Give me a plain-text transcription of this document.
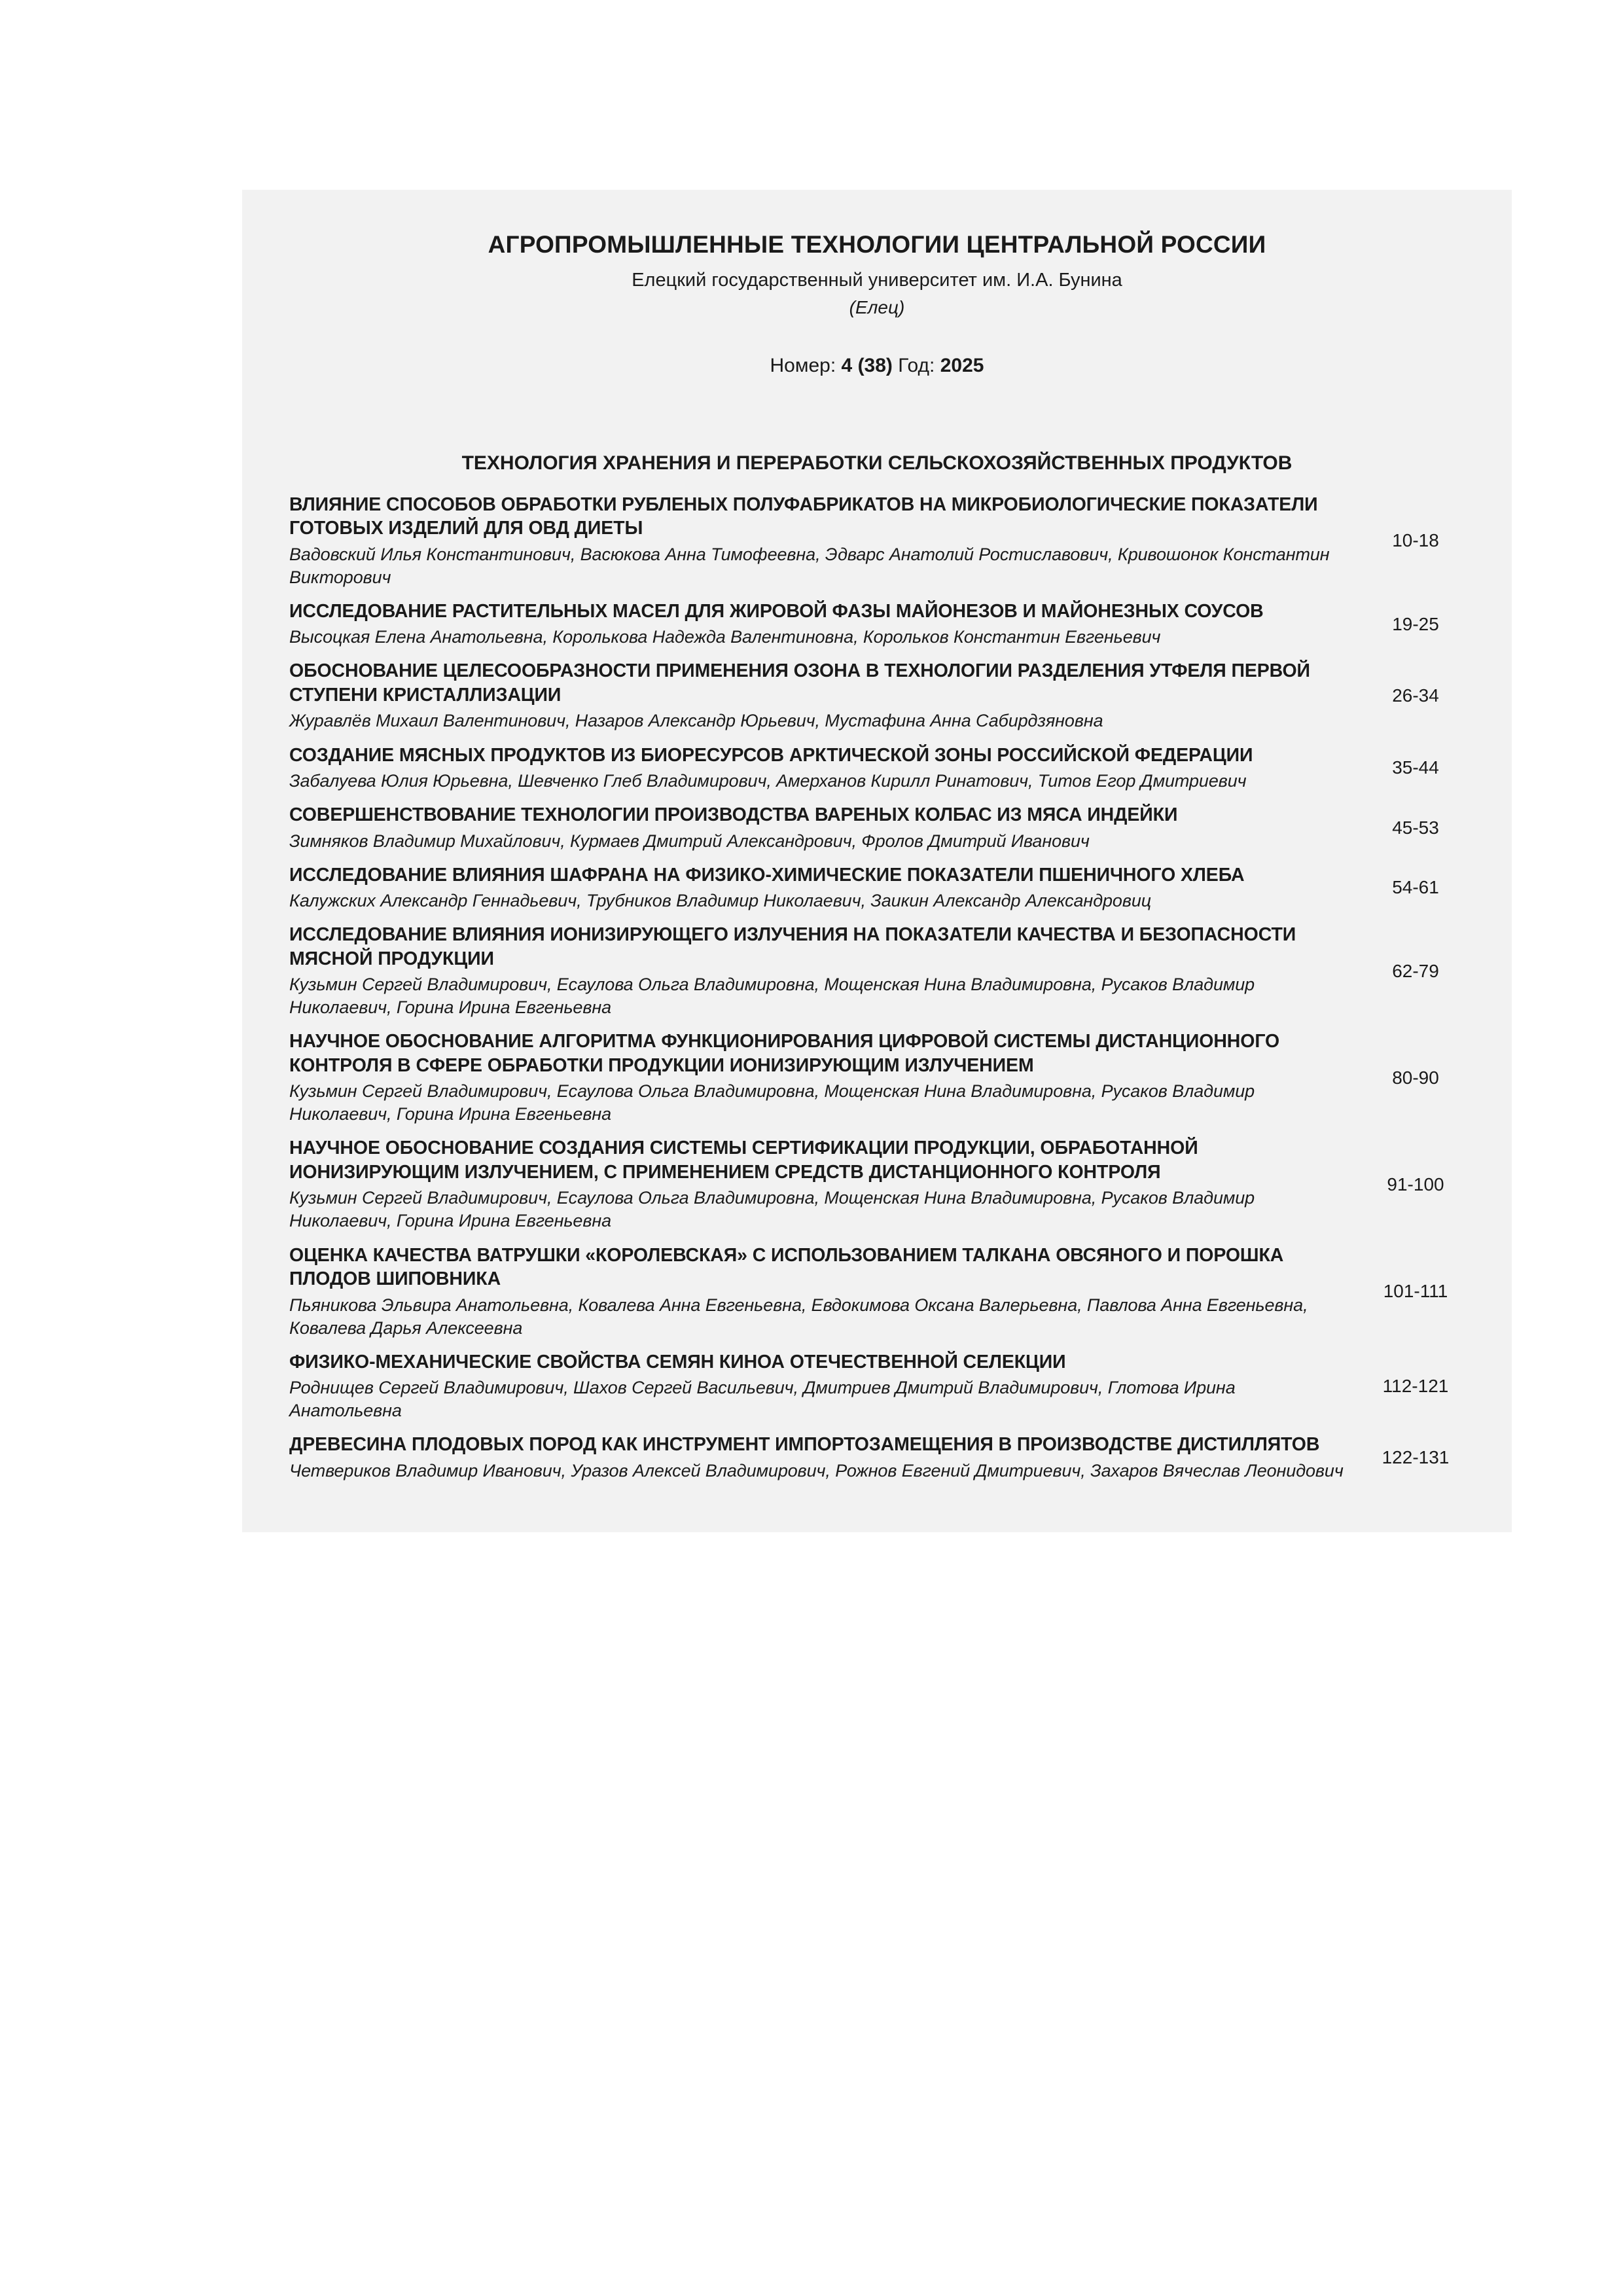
АГРОПРОМЫШЛЕННЫЕ ТЕХНОЛОГИИ ЦЕНТРАЛЬНОЙ РОССИИ
Елецкий государственный университет им. И.А. Бунина
(Елец)
Номер: 4 (38) Год: 2025
ТЕХНОЛОГИЯ ХРАНЕНИЯ И ПЕРЕРАБОТКИ СЕЛЬСКОХОЗЯЙСТВЕННЫХ ПРОДУКТОВ
ВЛИЯНИЕ СПОСОБОВ ОБРАБОТКИ РУБЛЕНЫХ ПОЛУФАБРИКАТОВ НА МИКРОБИОЛОГИЧЕСКИЕ ПОКАЗАТЕЛИ ГОТОВЫХ ИЗДЕЛИЙ ДЛЯ ОВД ДИЕТЫ
Вадовский Илья Константинович, Васюкова Анна Тимофеевна, Эдварс Анатолий Ростиславович, Кривошонок Константин Викторович
10-18
ИССЛЕДОВАНИЕ РАСТИТЕЛЬНЫХ МАСЕЛ ДЛЯ ЖИРОВОЙ ФАЗЫ МАЙОНЕЗОВ И МАЙОНЕЗНЫХ СОУСОВ
Высоцкая Елена Анатольевна, Королькова Надежда Валентиновна, Корольков Константин Евгеньевич
19-25
ОБОСНОВАНИЕ ЦЕЛЕСООБРАЗНОСТИ ПРИМЕНЕНИЯ ОЗОНА В ТЕХНОЛОГИИ РАЗДЕЛЕНИЯ УТФЕЛЯ ПЕРВОЙ СТУПЕНИ КРИСТАЛЛИЗАЦИИ
Журавлёв Михаил Валентинович, Назаров Александр Юрьевич, Мустафина Анна Сабирдзяновна
26-34
СОЗДАНИЕ МЯСНЫХ ПРОДУКТОВ ИЗ БИОРЕСУРСОВ АРКТИЧЕСКОЙ ЗОНЫ РОССИЙСКОЙ ФЕДЕРАЦИИ
Забалуева Юлия Юрьевна, Шевченко Глеб Владимирович, Амерханов Кирилл Ринатович, Титов Егор Дмитриевич
35-44
СОВЕРШЕНСТВОВАНИЕ ТЕХНОЛОГИИ ПРОИЗВОДСТВА ВАРЕНЫХ КОЛБАС ИЗ МЯСА ИНДЕЙКИ
Зимняков Владимир Михайлович, Курмаев Дмитрий Александрович, Фролов Дмитрий Иванович
45-53
ИССЛЕДОВАНИЕ ВЛИЯНИЯ ШАФРАНА НА ФИЗИКО-ХИМИЧЕСКИЕ ПОКАЗАТЕЛИ ПШЕНИЧНОГО ХЛЕБА
Калужских Александр Геннадьевич, Трубников Владимир Николаевич, Заикин Александр Александровиц
54-61
ИССЛЕДОВАНИЕ ВЛИЯНИЯ ИОНИЗИРУЮЩЕГО ИЗЛУЧЕНИЯ НА ПОКАЗАТЕЛИ КАЧЕСТВА И БЕЗОПАСНОСТИ МЯСНОЙ ПРОДУКЦИИ
Кузьмин Сергей Владимирович, Есаулова Ольга Владимировна, Мощенская Нина Владимировна, Русаков Владимир Николаевич, Горина Ирина Евгеньевна
62-79
НАУЧНОЕ ОБОСНОВАНИЕ АЛГОРИТМА ФУНКЦИОНИРОВАНИЯ ЦИФРОВОЙ СИСТЕМЫ ДИСТАНЦИОННОГО КОНТРОЛЯ В СФЕРЕ ОБРАБОТКИ ПРОДУКЦИИ ИОНИЗИРУЮЩИМ ИЗЛУЧЕНИЕМ
Кузьмин Сергей Владимирович, Есаулова Ольга Владимировна, Мощенская Нина Владимировна, Русаков Владимир Николаевич, Горина Ирина Евгеньевна
80-90
НАУЧНОЕ ОБОСНОВАНИЕ СОЗДАНИЯ СИСТЕМЫ СЕРТИФИКАЦИИ ПРОДУКЦИИ, ОБРАБОТАННОЙ ИОНИЗИРУЮЩИМ ИЗЛУЧЕНИЕМ, С ПРИМЕНЕНИЕМ СРЕДСТВ ДИСТАНЦИОННОГО КОНТРОЛЯ
Кузьмин Сергей Владимирович, Есаулова Ольга Владимировна, Мощенская Нина Владимировна, Русаков Владимир Николаевич, Горина Ирина Евгеньевна
91-100
ОЦЕНКА КАЧЕСТВА ВАТРУШКИ «КОРОЛЕВСКАЯ» С ИСПОЛЬЗОВАНИЕМ ТАЛКАНА ОВСЯНОГО И ПОРОШКА ПЛОДОВ ШИПОВНИКА
Пьяникова Эльвира Анатольевна, Ковалева Анна Евгеньевна, Евдокимова Оксана Валерьевна, Павлова Анна Евгеньевна, Ковалева Дарья Алексеевна
101-111
ФИЗИКО-МЕХАНИЧЕСКИЕ СВОЙСТВА СЕМЯН КИНОА ОТЕЧЕСТВЕННОЙ СЕЛЕКЦИИ
Роднищев Сергей Владимирович, Шахов Сергей Васильевич, Дмитриев Дмитрий Владимирович, Глотова Ирина Анатольевна
112-121
ДРЕВЕСИНА ПЛОДОВЫХ ПОРОД КАК ИНСТРУМЕНТ ИМПОРТОЗАМЕЩЕНИЯ В ПРОИЗВОДСТВЕ ДИСТИЛЛЯТОВ
Четвериков Владимир Иванович, Уразов Алексей Владимирович, Рожнов Евгений Дмитриевич, Захаров Вячеслав Леонидович
122-131
